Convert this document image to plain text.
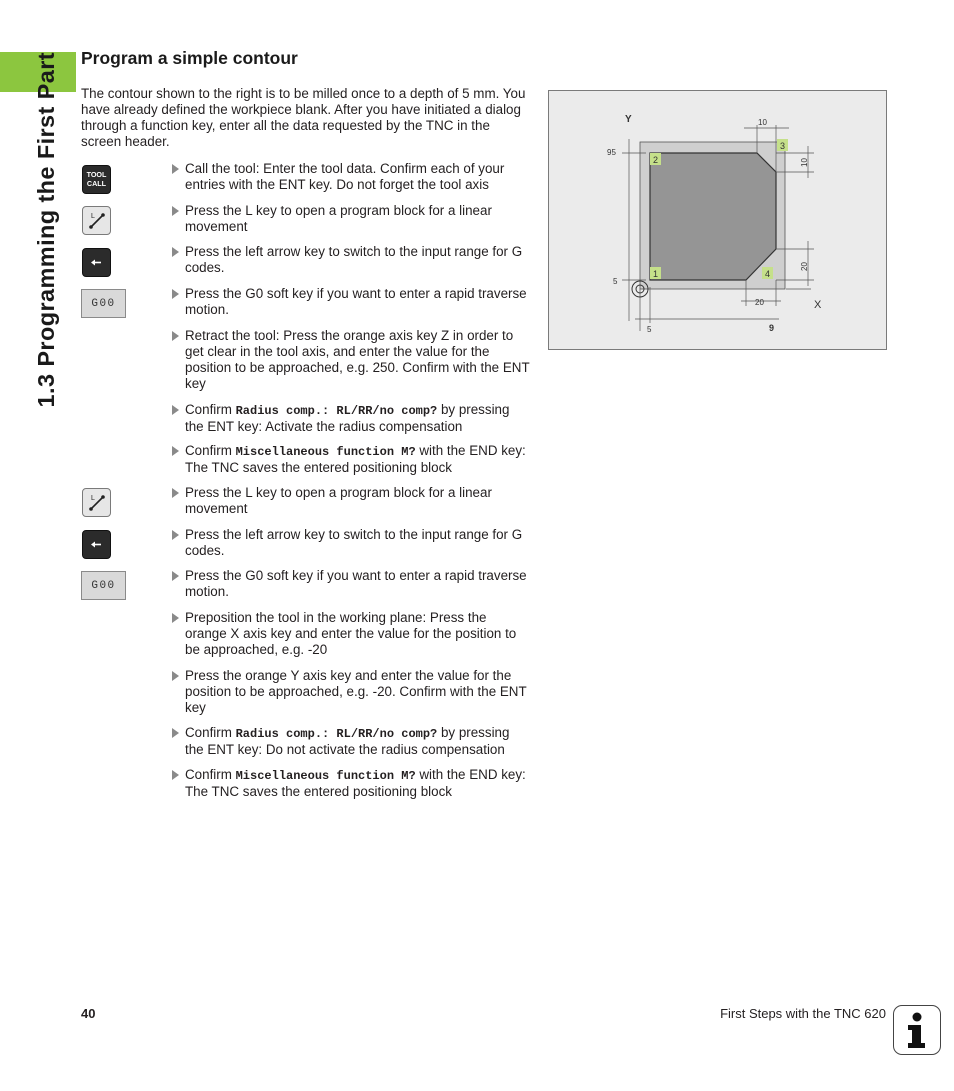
1.3 Programming the First Part	Program a simple contour

The contour shown to the right is to be milled once to a depth of 5 mm. You have already defined the workpiece blank. After you have initiated a dialog through a function key, enter all the data requested by the TNC in the screen header.

TOOL
CALL
L
G00
L
G00
Call the tool: Enter the tool data. Confirm each of your entries with the ENT key. Do not forget the tool axis
Press the L key to open a program block for a linear movement
Press the left arrow key to switch to the input range for G codes.
Press the G0 soft key if you want to enter a rapid traverse motion.
Retract the tool: Press the orange axis key Z in order to get clear in the tool axis, and enter the value for the position to be approached, e.g. 250. Confirm with the ENT key
Confirm Radius comp.: RL/RR/no comp? by pressing the ENT key: Activate the radius compensation
Confirm Miscellaneous function M? with the END key: The TNC saves the entered positioning block
Press the L key to open a program block for a linear movement
Press the left arrow key to switch to the input range for G codes.
Press the G0 soft key if you want to enter a rapid traverse motion.
Preposition the tool in the working plane: Press the orange X axis key and enter the value for the position to be approached, e.g. -20
Press the orange Y axis key and enter the value for the position to be approached, e.g. -20. Confirm with the ENT key
Confirm Radius comp.: RL/RR/no comp? by pressing the ENT key: Do not activate the radius compensation
Confirm Miscellaneous function M? with the END key: The TNC saves the entered positioning block
Y
X
95
5
5	9
10
20
10
20
2
1
3
4
40	First Steps with the TNC 620
